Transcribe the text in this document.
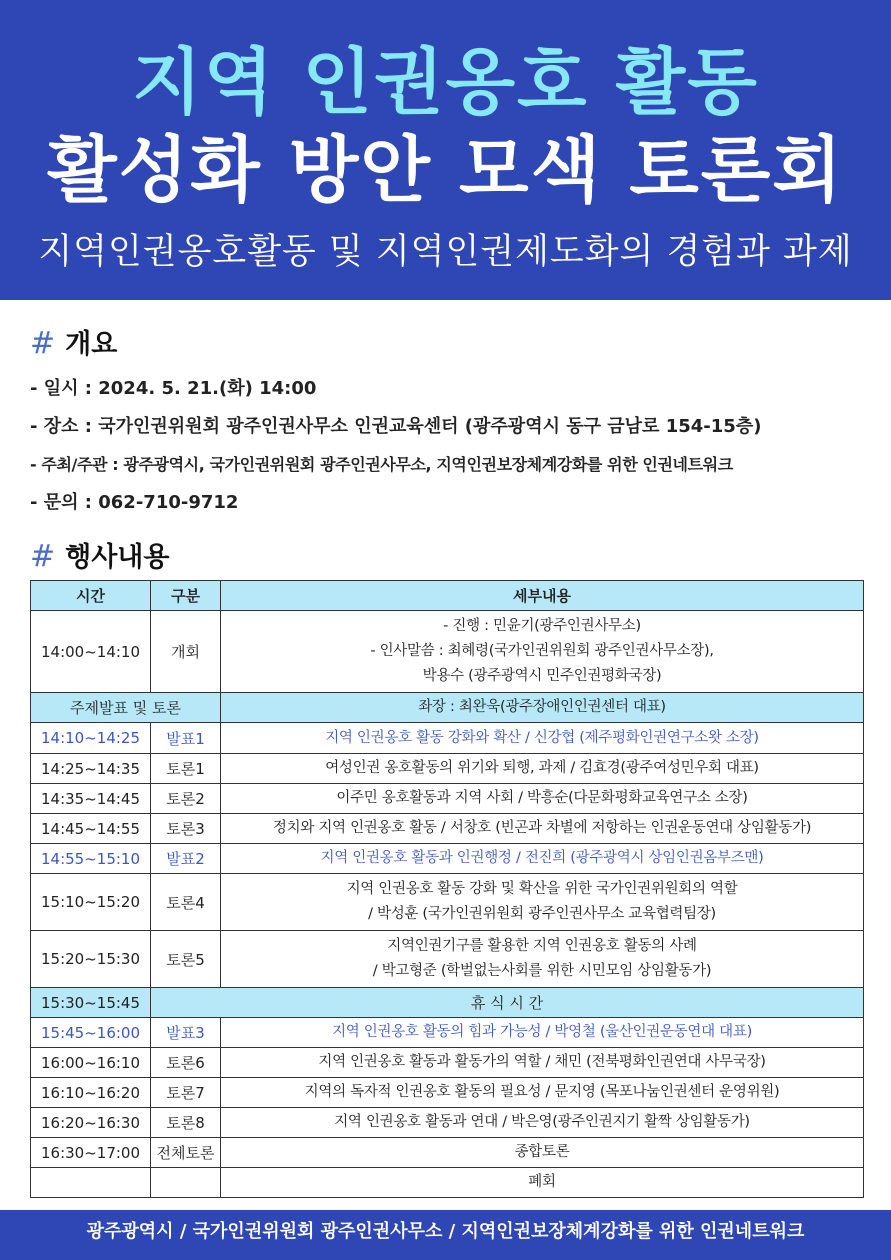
지역 인권옹호 활동
활성화 방안 모색 토론회
지역인권옹호활동 및 지역인권제도화의 경험과 과제
# 개요
- 일시 : 2024. 5. 21.(화) 14:00
- 장소 : 국가인권위원회 광주인권사무소 인권교육센터 (광주광역시 동구 금남로 154-15층)
- 주최/주관 : 광주광역시, 국가인권위원회 광주인권사무소, 지역인권보장체계강화를 위한 인권네트워크
- 문의 : 062-710-9712
# 행사내용
시간	구분	세부내용
14:00~14:10	개회	- 진행 : 민윤기(광주인권사무소)
- 인사말씀 : 최혜령(국가인권위원회 광주인권사무소장),
박용수 (광주광역시 민주인권평화국장)

주제발표 및 토론		좌장 : 최완욱(광주장애인인권센터 대표)
14:10~14:25	발표1	지역 인권옹호 활동 강화와 확산 / 신강협 (제주평화인권연구소왓 소장)
14:25~14:35	토론1	여성인권 옹호활동의 위기와 퇴행, 과제 / 김효경(광주여성민우회 대표)
14:35~14:45	토론2	이주민 옹호활동과 지역 사회 / 박흥순(다문화평화교육연구소 소장)
14:45~14:55	토론3	정치와 지역 인권옹호 활동 / 서창호 (빈곤과 차별에 저항하는 인권운동연대 상임활동가)
14:55~15:10	발표2	지역 인권옹호 활동과 인권행정 / 전진희 (광주광역시 상임인권옴부즈맨)
15:10~15:20	토론4	지역 인권옹호 활동 강화 및 확산을 위한 국가인권위원회의 역할
/ 박성훈 (국가인권위원회 광주인권사무소 교육협력팀장)

15:20~15:30	토론5	지역인권기구를 활용한 지역 인권옹호 활동의 사례
/ 박고형준 (학벌없는사회를 위한 시민모임 상임활동가)

15:30~15:45	휴 식 시 간	
15:45~16:00	발표3	지역 인권옹호 활동의 힘과 가능성 / 박영철 (울산인권운동연대 대표)
16:00~16:10	토론6	지역 인권옹호 활동과 활동가의 역할 / 채민 (전북평화인권연대 사무국장)
16:10~16:20	토론7	지역의 독자적 인권옹호 활동의 필요성 / 문지영 (목포나눔인권센터 운영위원)
16:20~16:30	토론8	지역 인권옹호 활동과 연대 / 박은영(광주인권지기 활짝 상임활동가)
16:30~17:00	전체토론	종합토론
		폐회
광주광역시 / 국가인권위원회 광주인권사무소 / 지역인권보장체계강화를 위한 인권네트워크
